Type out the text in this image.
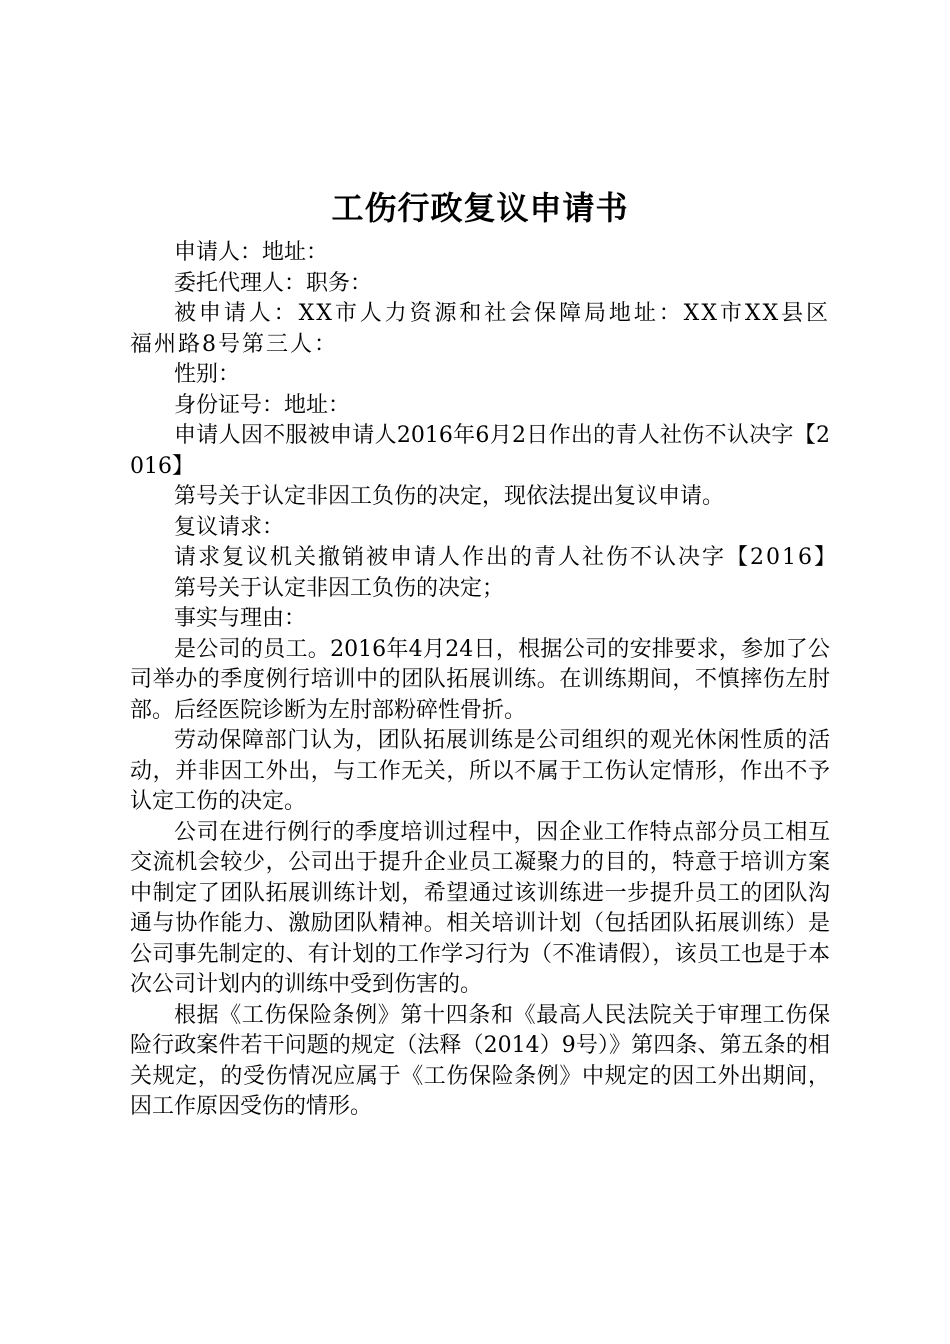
工伤行政复议申请书

申请人：地址：

委托代理人：职务：

被申请人：XX市人力资源和社会保障局地址：XX市XX县区福州路8号第三人：

性别：

身份证号：地址：

申请人因不服被申请人2016年6月2日作出的青人社伤不认决字【2016】

第号关于认定非因工负伤的决定，现依法提出复议申请。

复议请求：

请求复议机关撤销被申请人作出的青人社伤不认决字【2016】

第号关于认定非因工负伤的决定；

事实与理由：

是公司的员工。2016年4月24日，根据公司的安排要求，参加了公司举办的季度例行培训中的团队拓展训练。在训练期间，不慎摔伤左肘部。后经医院诊断为左肘部粉碎性骨折。

劳动保障部门认为，团队拓展训练是公司组织的观光休闲性质的活动，并非因工外出，与工作无关，所以不属于工伤认定情形，作出不予认定工伤的决定。

公司在进行例行的季度培训过程中，因企业工作特点部分员工相互交流机会较少，公司出于提升企业员工凝聚力的目的，特意于培训方案中制定了团队拓展训练计划，希望通过该训练进一步提升员工的团队沟通与协作能力、激励团队精神。相关培训计划（包括团队拓展训练）是公司事先制定的、有计划的工作学习行为（不准请假），该员工也是于本次公司计划内的训练中受到伤害的。

根据《工伤保险条例》第十四条和《最高人民法院关于审理工伤保险行政案件若干问题的规定（法释（2014）9号）》第四条、第五条的相关规定，的受伤情况应属于《工伤保险条例》中规定的因工外出期间，因工作原因受伤的情形。
